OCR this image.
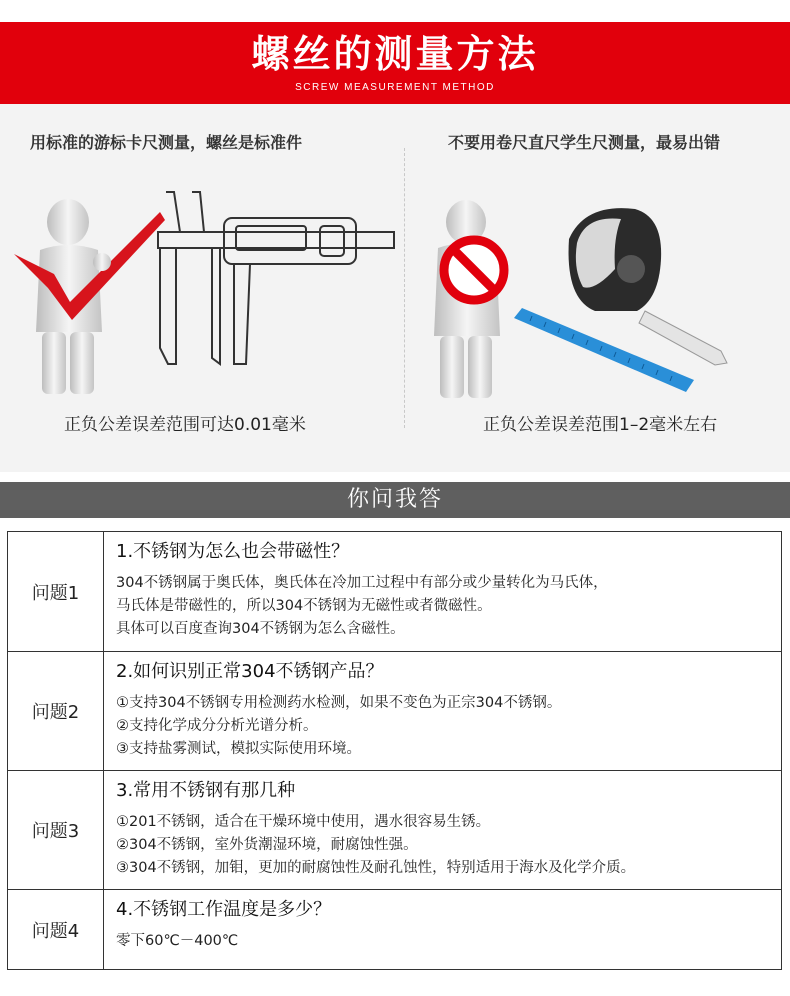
螺丝的测量方法
SCREW MEASUREMENT METHOD
用标准的游标卡尺测量，螺丝是标准件	不要用卷尺直尺学生尺测量，最易出错
正负公差误差范围可达0.01毫米	正负公差误差范围1–2毫米左右
你问我答
问题1	1.不锈钢为怎么也会带磁性？
304不锈钢属于奥氏体，奥氏体在冷加工过程中有部分或少量转化为马氏体，
马氏体是带磁性的，所以304不锈钢为无磁性或者微磁性。
具体可以百度查询304不锈钢为怎么含磁性。

问题2	2.如何识别正常304不锈钢产品？
①支持304不锈钢专用检测药水检测，如果不变色为正宗304不锈钢。
②支持化学成分分析光谱分析。
③支持盐雾测试，模拟实际使用环境。

问题3	3.常用不锈钢有那几种
①201不锈钢，适合在干燥环境中使用，遇水很容易生锈。
②304不锈钢，室外货潮湿环境，耐腐蚀性强。
③304不锈钢，加钼，更加的耐腐蚀性及耐孔蚀性，特别适用于海水及化学介质。

问题4	4.不锈钢工作温度是多少？
零下60℃－400℃
